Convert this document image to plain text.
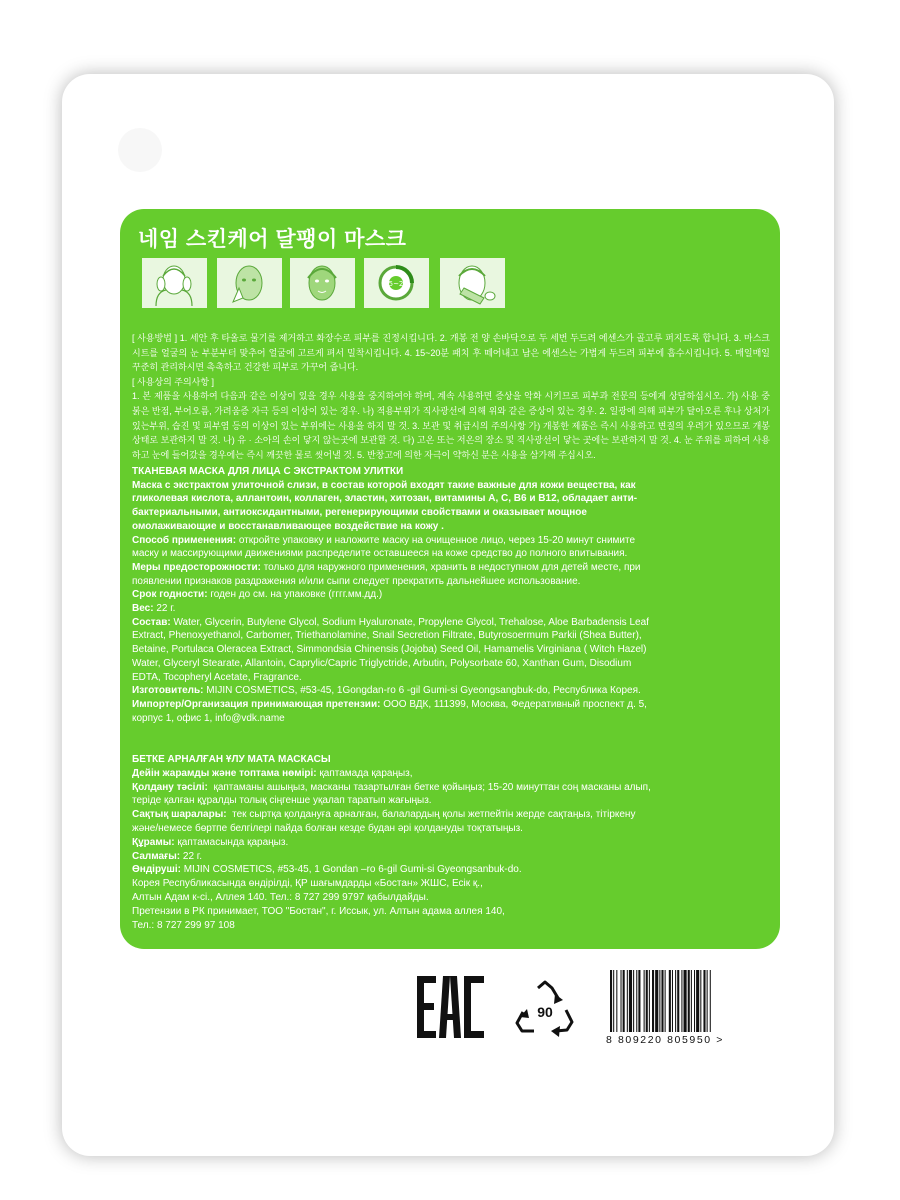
네임 스킨케어 달팽이 마스크
15~20
[ 사용방법 ] 1. 세안 후 타올로 물기를 제거하고 화장수로 피부를 진정시킵니다. 2. 개봉 전 양 손바닥으로 두 세번 두드려 에센스가 골고루 퍼지도록 합니다. 3. 마스크 시트를 얼굴의 눈 부분부터 맞추어 얼굴에 고르게 펴서 밀착시킵니다. 4. 15~20분 패치 후 떼어내고 남은 에센스는 가볍게 두드려 피부에 흡수시킵니다. 5. 매일매일 꾸준히 관리하시면 촉촉하고 건강한 피부로 가꾸어 줍니다.
[ 사용상의 주의사항 ]
1. 본 제품을 사용하여 다음과 같은 이상이 있을 경우 사용을 중지하여야 하며, 계속 사용하면 증상을 악화 시키므로 피부과 전문의 등에게 상담하십시오. 가) 사용 중 붉은 반점, 부어오름, 가려움증 자극 등의 이상이 있는 경우. 나) 적용부위가 직사광선에 의해 위와 같은 증상이 있는 경우. 2. 일광에 의해 피부가 달아오른 후나 상처가 있는부위, 습진 및 피부염 등의 이상이 있는 부위에는 사용을 하지 말 것. 3. 보관 및 취급시의 주의사항 가) 개봉한 제품은 즉시 사용하고 변질의 우려가 있으므로 개봉 상태로 보관하지 말 것. 나) 유 · 소아의 손이 닿지 않는곳에 보관할 것. 다) 고온 또는 저온의 장소 및 직사광선이 닿는 곳에는 보관하지 말 것. 4. 눈 주위를 피하여 사용하고 눈에 들어갔을 경우에는 즉시 깨끗한 물로 씻어낼 것. 5. 반창고에 의한 자극이 약하신 분은 사용을 삼가해 주십시오.
ТКАНЕВАЯ МАСКА ДЛЯ ЛИЦА С ЭКСТРАКТОМ УЛИТКИ
Маска с экстрактом улиточной слизи, в состав которой входят такие важные для кожи вещества, как
гликолевая кислота, аллантоин, коллаген, эластин, хитозан, витамины А, С, В6 и В12, обладает анти-
бактериальными, антиоксидантными, регенерирующими свойствами и оказывает мощное
омолаживающие и восстанавливающее воздействие на кожу .
Способ применения: откройте упаковку и наложите маску на очищенное лицо, через 15-20 минут снимите
маску и массирующими движениями распределите оставшееся на коже средство до полного впитывания.
Меры предосторожности: только для наружного применения, хранить в недоступном для детей месте, при
появлении признаков раздражения и/или сыпи следует прекратить дальнейшее использование.
Срок годности: годен до см. на упаковке (гггг.мм.дд.)
Вес: 22 г.
Состав: Water, Glycerin, Butylene Glycol, Sodium Hyaluronate, Propylene Glycol, Trehalose, Aloe Barbadensis Leaf
Extract, Phenoxyethanol, Carbomer, Triethanolamine, Snail Secretion Filtrate, Butyrosoermum Parkii (Shea Butter),
Betaine, Portulaca Oleracea Extract, Simmondsia Chinensis (Jojoba) Seed Oil, Hamamelis Virginiana ( Witch Hazel)
Water, Glyceryl Stearate, Allantoin, Caprylic/Capric Triglyctride, Arbutin, Polysorbate 60, Xanthan Gum, Disodium
EDTA, Tocopheryl Acetate, Fragrance.
Изготовитель: MIJIN COSMETICS, #53-45, 1Gongdan-ro 6 -gil Gumi-si Gyeongsangbuk-do, Республика Корея.
Импортер/Организация принимающая претензии: ООО ВДК, 111399, Москва, Федеративный проспект д. 5,
корпус 1, офис 1, info@vdk.name
БЕТКЕ АРНАЛҒАН ҰЛУ МАТА МАСКАСЫ
Дейін жарамды және топтама нөмірі: қаптамада қараңыз,
Қолдану тәсілі: қаптаманы ашыңыз, масканы тазартылған бетке қойыңыз; 15-20 минуттан соң масканы алып,
теріде қалған құралды толық сіңгенше уқалап таратып жағыңыз.
Сақтық шаралары: тек сыртқа қолдануға арналған, балалардың қолы жетпейтін жерде сақтаңыз, тітіркену
және/немесе бөртпе белгілері пайда болған кезде будан әрі қолдануды тоқтатыңыз.
Құрамы: қаптамасында қараңыз.
Салмағы: 22 г.
Өндіруші: MIJIN COSMETICS, #53-45, 1 Gondan –ro 6-gil Gumi-si Gyeongsanbuk-do.
Корея Республикасында өндірілді, ҚР шағымдарды «Бостан» ЖШС, Есік қ.,
Алтын Адам к-сі., Аллея 140. Тел.: 8 727 299 9797 қабылдайды.
Претензии в РК принимает, ТОО "Бостан", г. Иссык, ул. Алтын адама аллея 140,
Тел.: 8 727 299 97 108
90
8 809220 805950 >
